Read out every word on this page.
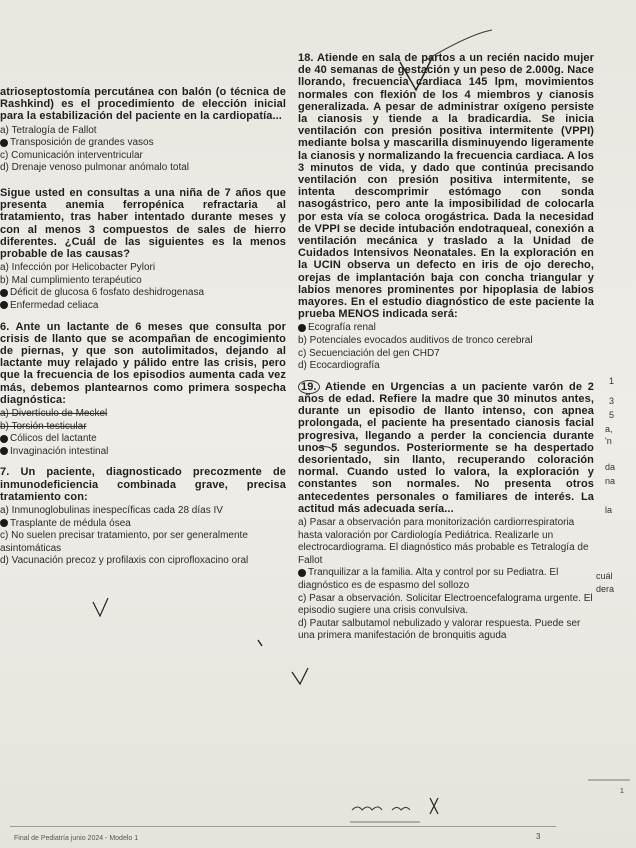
atrioseptostomía percutánea con balón (o técnica de Rashkind) es el procedimiento de elección inicial para la estabilización del paciente en la cardiopatía...

a) Tetralogía de Fallot
Transposición de grandes vasos
c) Comunicación interventricular
d) Drenaje venoso pulmonar anómalo total

Sigue usted en consultas a una niña de 7 años que presenta anemia ferropénica refractaria al tratamiento, tras haber intentado durante meses y con al menos 3 compuestos de sales de hierro diferentes. ¿Cuál de las siguientes es la menos probable de las causas?

a) Infección por Helicobacter Pylori
b) Mal cumplimiento terapéutico
Déficit de glucosa 6 fosfato deshidrogenasa
Enfermedad celiaca

6. Ante un lactante de 6 meses que consulta por crisis de llanto que se acompañan de encogimiento de piernas, y que son autolimitados, dejando al lactante muy relajado y pálido entre las crisis, pero que la frecuencia de los episodios aumenta cada vez más, debemos plantearnos como primera sospecha diagnóstica:

a) Divertículo de Meckel
b) Torsión testicular
Cólicos del lactante
Invaginación intestinal

7. Un paciente, diagnosticado precozmente de inmunodeficiencia combinada grave, precisa tratamiento con:

a) Inmunoglobulinas inespecíficas cada 28 días IV
Trasplante de médula ósea
c) No suelen precisar tratamiento, por ser generalmente asintomáticas
d) Vacunación precoz y profilaxis con ciprofloxacino oral

18. Atiende en sala de partos a un recién nacido mujer de 40 semanas de gestación y un peso de 2.000g. Nace llorando, frecuencia cardiaca 145 lpm, movimientos normales con flexión de los 4 miembros y cianosis generalizada. A pesar de administrar oxígeno persiste la cianosis y tiende a la bradicardia. Se inicia ventilación con presión positiva intermitente (VPPI) mediante bolsa y mascarilla disminuyendo ligeramente la cianosis y normalizando la frecuencia cardiaca. A los 3 minutos de vida, y dado que continúa precisando ventilación con presión positiva intermitente, se intenta descomprimir estómago con sonda nasogástrico, pero ante la imposibilidad de colocarla por esta vía se coloca orogástrica. Dada la necesidad de VPPI se decide intubación endotraqueal, conexión a ventilación mecánica y traslado a la Unidad de Cuidados Intensivos Neonatales. En la exploración en la UCIN observa un defecto en iris de ojo derecho, orejas de implantación baja con concha triangular y labios menores prominentes por hipoplasia de labios mayores. En el estudio diagnóstico de este paciente la prueba MENOS indicada será:

Ecografía renal
b) Potenciales evocados auditivos de tronco cerebral
c) Secuenciación del gen CHD7
d) Ecocardiografía

19. Atiende en Urgencias a un paciente varón de 2 años de edad. Refiere la madre que 30 minutos antes, durante un episodio de llanto intenso, con apnea prolongada, el paciente ha presentado cianosis facial progresiva, llegando a perder la conciencia durante unos 5 segundos. Posteriormente se ha despertado desorientado, sin llanto, recuperando coloración normal. Cuando usted lo valora, la exploración y constantes son normales. No presenta otros antecedentes personales o familiares de interés. La actitud más adecuada sería...

a) Pasar a observación para monitorización cardiorrespiratoria hasta valoración por Cardiología Pediátrica. Realizarle un electrocardiograma. El diagnóstico más probable es Tetralogía de Fallot
Tranquilizar a la familia. Alta y control por su Pediatra. El diagnóstico es de espasmo del sollozo
c) Pasar a observación. Solicitar Electroencefalograma urgente. El episodio sugiere una crisis convulsiva.
d) Pautar salbutamol nebulizado y valorar respuesta. Puede ser una primera manifestación de bronquitis aguda
1
3
5
a,
'n
da
na
la
cuál
dera
1
Final de Pediatría junio 2024 - Modelo 1	3
